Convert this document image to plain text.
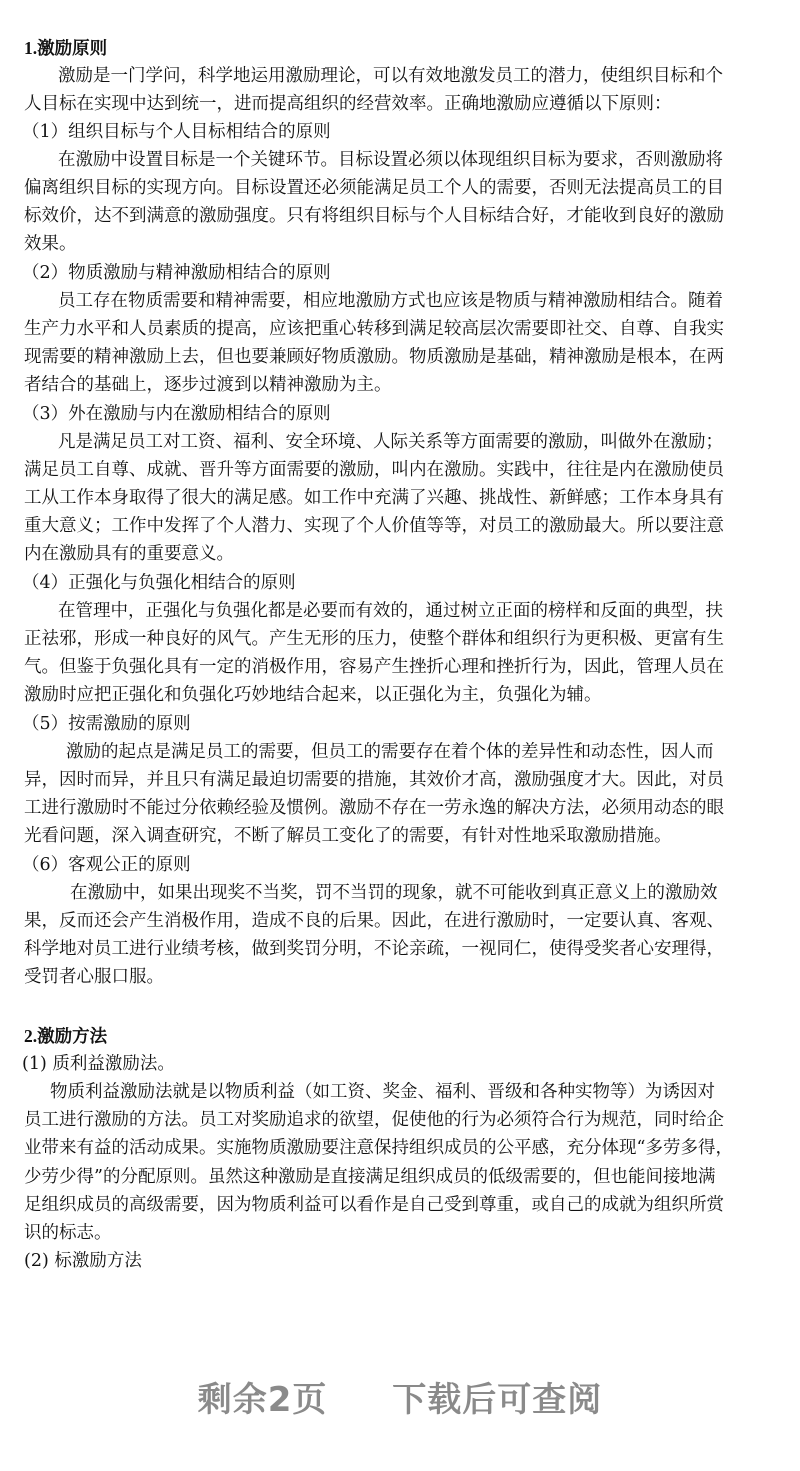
1.激励原则
激励是一门学问，科学地运用激励理论，可以有效地激发员工的潜力，使组织目标和个
人目标在实现中达到统一，进而提高组织的经营效率。正确地激励应遵循以下原则：
（1）组织目标与个人目标相结合的原则
在激励中设置目标是一个关键环节。目标设置必须以体现组织目标为要求，否则激励将
偏离组织目标的实现方向。目标设置还必须能满足员工个人的需要，否则无法提高员工的目
标效价，达不到满意的激励强度。只有将组织目标与个人目标结合好，才能收到良好的激励
效果。
（2）物质激励与精神激励相结合的原则
员工存在物质需要和精神需要，相应地激励方式也应该是物质与精神激励相结合。随着
生产力水平和人员素质的提高，应该把重心转移到满足较高层次需要即社交、自尊、自我实
现需要的精神激励上去，但也要兼顾好物质激励。物质激励是基础，精神激励是根本，在两
者结合的基础上，逐步过渡到以精神激励为主。
（3）外在激励与内在激励相结合的原则
凡是满足员工对工资、福利、安全环境、人际关系等方面需要的激励，叫做外在激励；
满足员工自尊、成就、晋升等方面需要的激励，叫内在激励。实践中，往往是内在激励使员
工从工作本身取得了很大的满足感。如工作中充满了兴趣、挑战性、新鲜感；工作本身具有
重大意义；工作中发挥了个人潜力、实现了个人价值等等，对员工的激励最大。所以要注意
内在激励具有的重要意义。
（4）正强化与负强化相结合的原则
在管理中，正强化与负强化都是必要而有效的，通过树立正面的榜样和反面的典型，扶
正祛邪，形成一种良好的风气。产生无形的压力，使整个群体和组织行为更积极、更富有生
气。但鉴于负强化具有一定的消极作用，容易产生挫折心理和挫折行为，因此，管理人员在
激励时应把正强化和负强化巧妙地结合起来，以正强化为主，负强化为辅。
（5）按需激励的原则
激励的起点是满足员工的需要，但员工的需要存在着个体的差异性和动态性，因人而
异，因时而异，并且只有满足最迫切需要的措施，其效价才高，激励强度才大。因此，对员
工进行激励时不能过分依赖经验及惯例。激励不存在一劳永逸的解决方法，必须用动态的眼
光看问题，深入调查研究，不断了解员工变化了的需要，有针对性地采取激励措施。
（6）客观公正的原则
在激励中，如果出现奖不当奖，罚不当罚的现象，就不可能收到真正意义上的激励效
果，反而还会产生消极作用，造成不良的后果。因此，在进行激励时，一定要认真、客观、
科学地对员工进行业绩考核，做到奖罚分明，不论亲疏，一视同仁，使得受奖者心安理得，
受罚者心服口服。
2.激励方法
(1) 质利益激励法。
物质利益激励法就是以物质利益（如工资、奖金、福利、晋级和各种实物等）为诱因对
员工进行激励的方法。员工对奖励追求的欲望，促使他的行为必须符合行为规范，同时给企
业带来有益的活动成果。实施物质激励要注意保持组织成员的公平感，充分体现“多劳多得，
少劳少得”的分配原则。虽然这种激励是直接满足组织成员的低级需要的，但也能间接地满
足组织成员的高级需要，因为物质利益可以看作是自己受到尊重，或自己的成就为组织所赏
识的标志。
(2) 标激励方法
剩余2页 下载后可查阅
